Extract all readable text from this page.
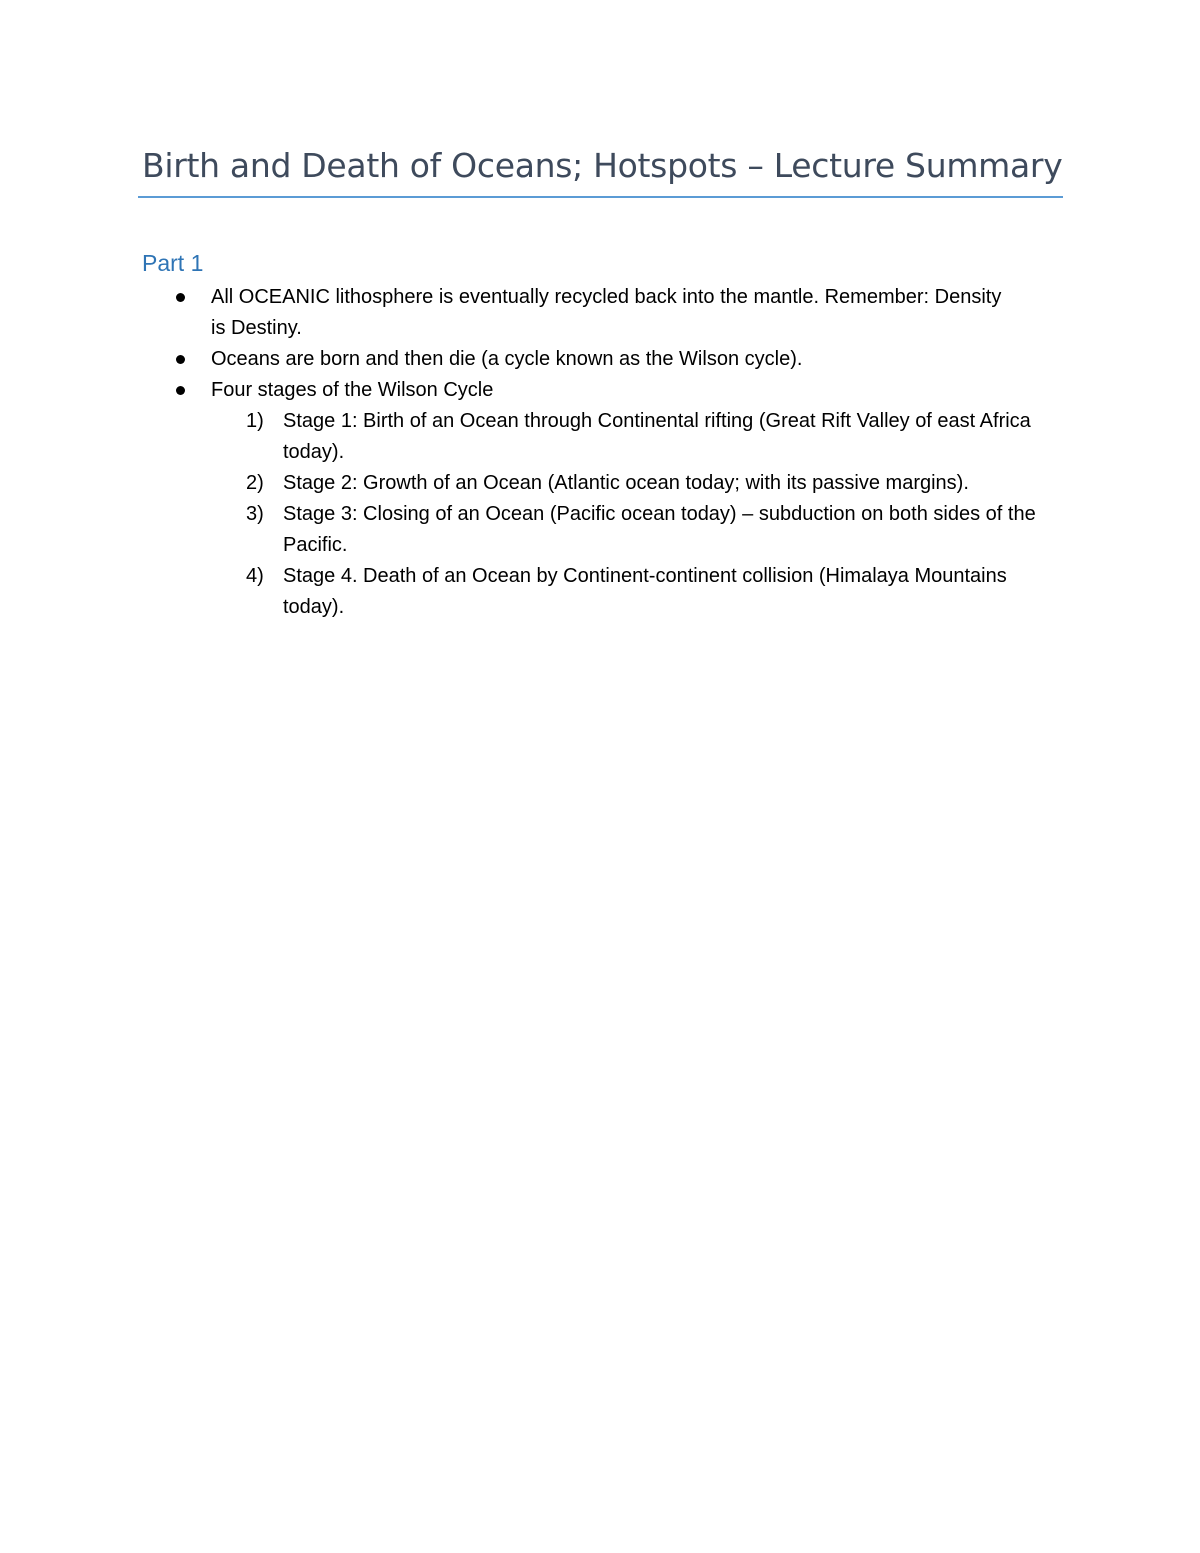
Birth and Death of Oceans; Hotspots – Lecture Summary
Part 1
All OCEANIC lithosphere is eventually recycled back into the mantle. Remember: Density is Destiny.
Oceans are born and then die (a cycle known as the Wilson cycle).
Four stages of the Wilson Cycle
1) Stage 1: Birth of an Ocean through Continental rifting (Great Rift Valley of east Africa today).
2) Stage 2: Growth of an Ocean (Atlantic ocean today; with its passive margins).
3) Stage 3: Closing of an Ocean (Pacific ocean today) – subduction on both sides of the Pacific.
4) Stage 4. Death of an Ocean by Continent-continent collision (Himalaya Mountains today).
